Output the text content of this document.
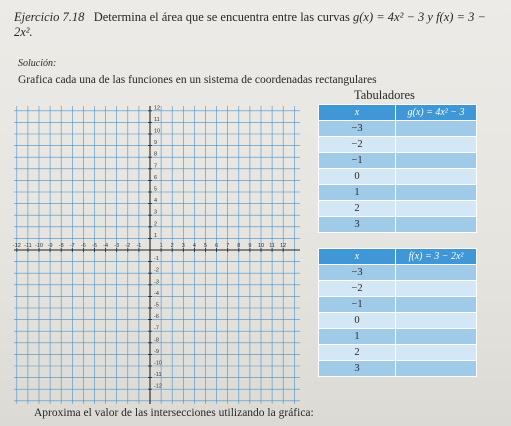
Ejercicio 7.18 Determina el área que se encuentra entre las curvas g(x) = 4x² − 3 y f(x) = 3 − 2x².
Solución:
Grafica cada una de las funciones en un sistema de coordenadas rectangulares
Tabuladores
-12 -11 -10 -9 -8 -7 -6 -5 -4 -3 -2 -1	1 2 3 4 5 6 7 8 9 10 11 12
12
11
10
9
8
7
6
5
4
3
2
1
-1
-2
-3
-4
-5
-6
-7
-8
-9
-10
-11
-12
x	g(x) = 4x² − 3
−3	
−2	
−1	
0	
1	
2	
3	
x	f(x) = 3 − 2x²
−3	
−2	
−1	
0	
1	
2	
3	
Aproxima el valor de las intersecciones utilizando la gráfica:
